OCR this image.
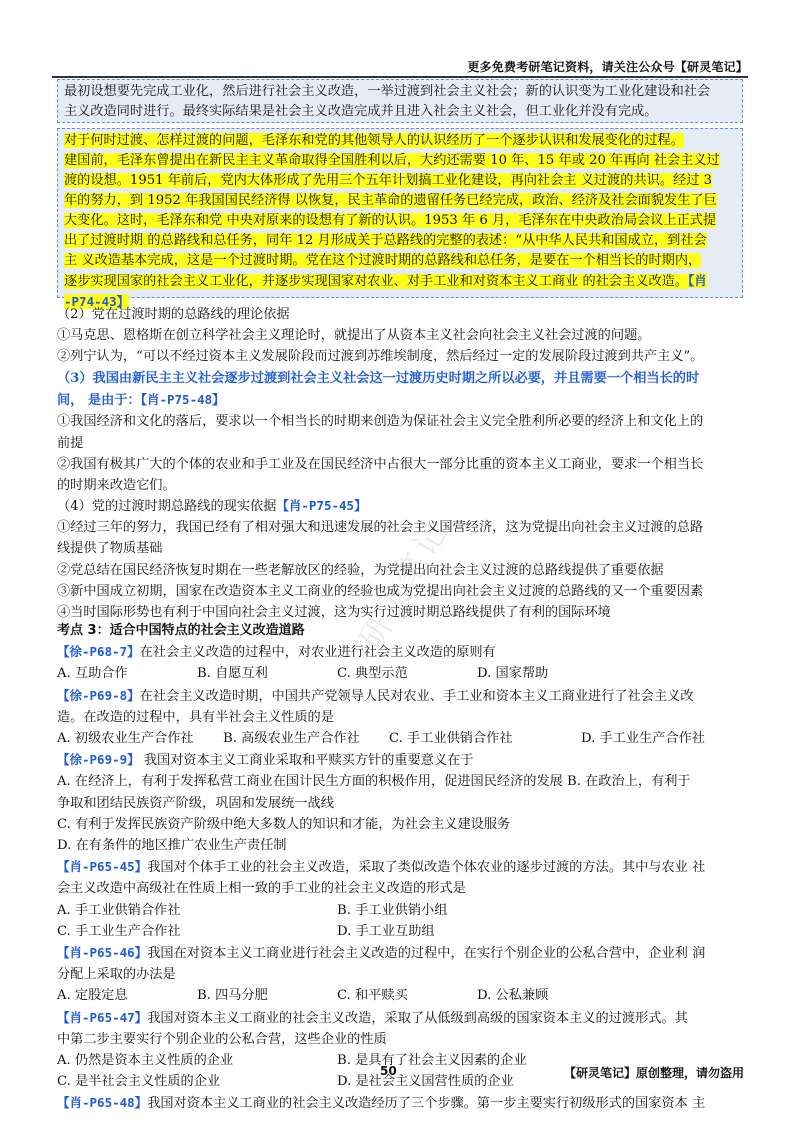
更多免费考研笔记资料，请关注公众号【研灵笔记】
研灵笔记

最初设想要先完成工业化，然后进行社会主义改造，一举过渡到社会主义社会；新的认识变为工业化建设和社会

主义改造同时进行。最终实际结果是社会主义改造完成并且进入社会主义社会，但工业化并没有完成。

对于何时过渡、怎样过渡的问题，毛泽东和党的其他领导人的认识经历了一个逐步认识和发展变化的过程。

建国前，毛泽东曾提出在新民主主义革命取得全国胜利以后，大约还需要 10 年、15 年或 20 年再向 社会主义过

渡的设想。1951 年前后，党内大体形成了先用三个五年计划搞工业化建设，再向社会主 义过渡的共识。经过 3

年的努力，到 1952 年我国国民经济得 以恢复，民主革命的遗留任务已经完成，政治、经济及社会面貌发生了巨

大变化。这时，毛泽东和党 中央对原来的设想有了新的认识。1953 年 6 月，毛泽东在中央政治局会议上正式提

出了过渡时期 的总路线和总任务，同年 12 月形成关于总路线的完整的表述：“从中华人民共和国成立，到社会

主 义改造基本完成，这是一个过渡时期。党在这个过渡时期的总路线和总任务，是要在一个相当长的时期内，

逐步实现国家的社会主义工业化，并逐步实现国家对农业、对手工业和对资本主义工商业 的社会主义改造。【肖

-P74-43】

（2）党在过渡时期的总路线的理论依据

①马克思、恩格斯在创立科学社会主义理论时，就提出了从资本主义社会向社会主义社会过渡的问题。

②列宁认为，“可以不经过资本主义发展阶段而过渡到苏维埃制度，然后经过一定的发展阶段过渡到共产主义”。

（3）我国由新民主主义社会逐步过渡到社会主义社会这一过渡历史时期之所以必要，并且需要一个相当长的时

间， 是由于：【肖-P75-48】

①我国经济和文化的落后，要求以一个相当长的时期来创造为保证社会主义完全胜利所必要的经济上和文化上的

前提

②我国有极其广大的个体的农业和手工业及在国民经济中占很大一部分比重的资本主义工商业，要求一个相当长

的时期来改造它们。

（4）党的过渡时期总路线的现实依据【肖-P75-45】

①经过三年的努力，我国已经有了相对强大和迅速发展的社会主义国营经济，这为党提出向社会主义过渡的总路

线提供了物质基础

②党总结在国民经济恢复时期在一些老解放区的经验，为党提出向社会主义过渡的总路线提供了重要依据

③新中国成立初期，国家在改造资本主义工商业的经验也成为党提出向社会主义过渡的总路线的又一个重要因素

④当时国际形势也有利于中国向社会主义过渡，这为实行过渡时期总路线提供了有利的国际环境

考点 3：适合中国特点的社会主义改造道路

【徐-P68-7】在社会主义改造的过程中，对农业进行社会主义改造的原则有

A. 互助合作	B. 自愿互利	C. 典型示范	D. 国家帮助

【徐-P69-8】在社会主义改造时期，中国共产党领导人民对农业、手工业和资本主义工商业进行了社会主义改

造。在改造的过程中，具有半社会主义性质的是

A. 初级农业生产合作社	B. 高级农业生产合作社	C. 手工业供销合作社	D. 手工业生产合作社

【徐-P69-9】 我国对资本主义工商业采取和平赎买方针的重要意义在于

A. 在经济上，有利于发挥私营工商业在国计民生方面的积极作用，促进国民经济的发展 B. 在政治上，有利于

争取和团结民族资产阶级，巩固和发展统一战线

C. 有利于发挥民族资产阶级中绝大多数人的知识和才能，为社会主义建设服务

D. 在有条件的地区推广农业生产责任制

【肖-P65-45】我国对个体手工业的社会主义改造，采取了类似改造个体农业的逐步过渡的方法。其中与农业 社

会主义改造中高级社在性质上相一致的手工业的社会主义改造的形式是

A. 手工业供销合作社	B. 手工业供销小组
C. 手工业生产合作社	D. 手工业互助组

【肖-P65-46】我国在对资本主义工商业进行社会主义改造的过程中，在实行个别企业的公私合营中，企业利 润

分配上采取的办法是

A. 定股定息	B. 四马分肥	C. 和平赎买	D. 公私兼顾

【肖-P65-47】我国对资本主义工商业的社会主义改造，采取了从低级到高级的国家资本主义的过渡形式。其

中第二步主要实行个别企业的公私合营，这些企业的性质

A. 仍然是资本主义性质的企业	B. 是具有了社会主义因素的企业
C. 是半社会主义性质的企业	D. 是社会主义国营性质的企业

【肖-P65-48】我国对资本主义工商业的社会主义改造经历了三个步骤。第一步主要实行初级形式的国家资本 主

50	【研灵笔记】原创整理，请勿盗用
